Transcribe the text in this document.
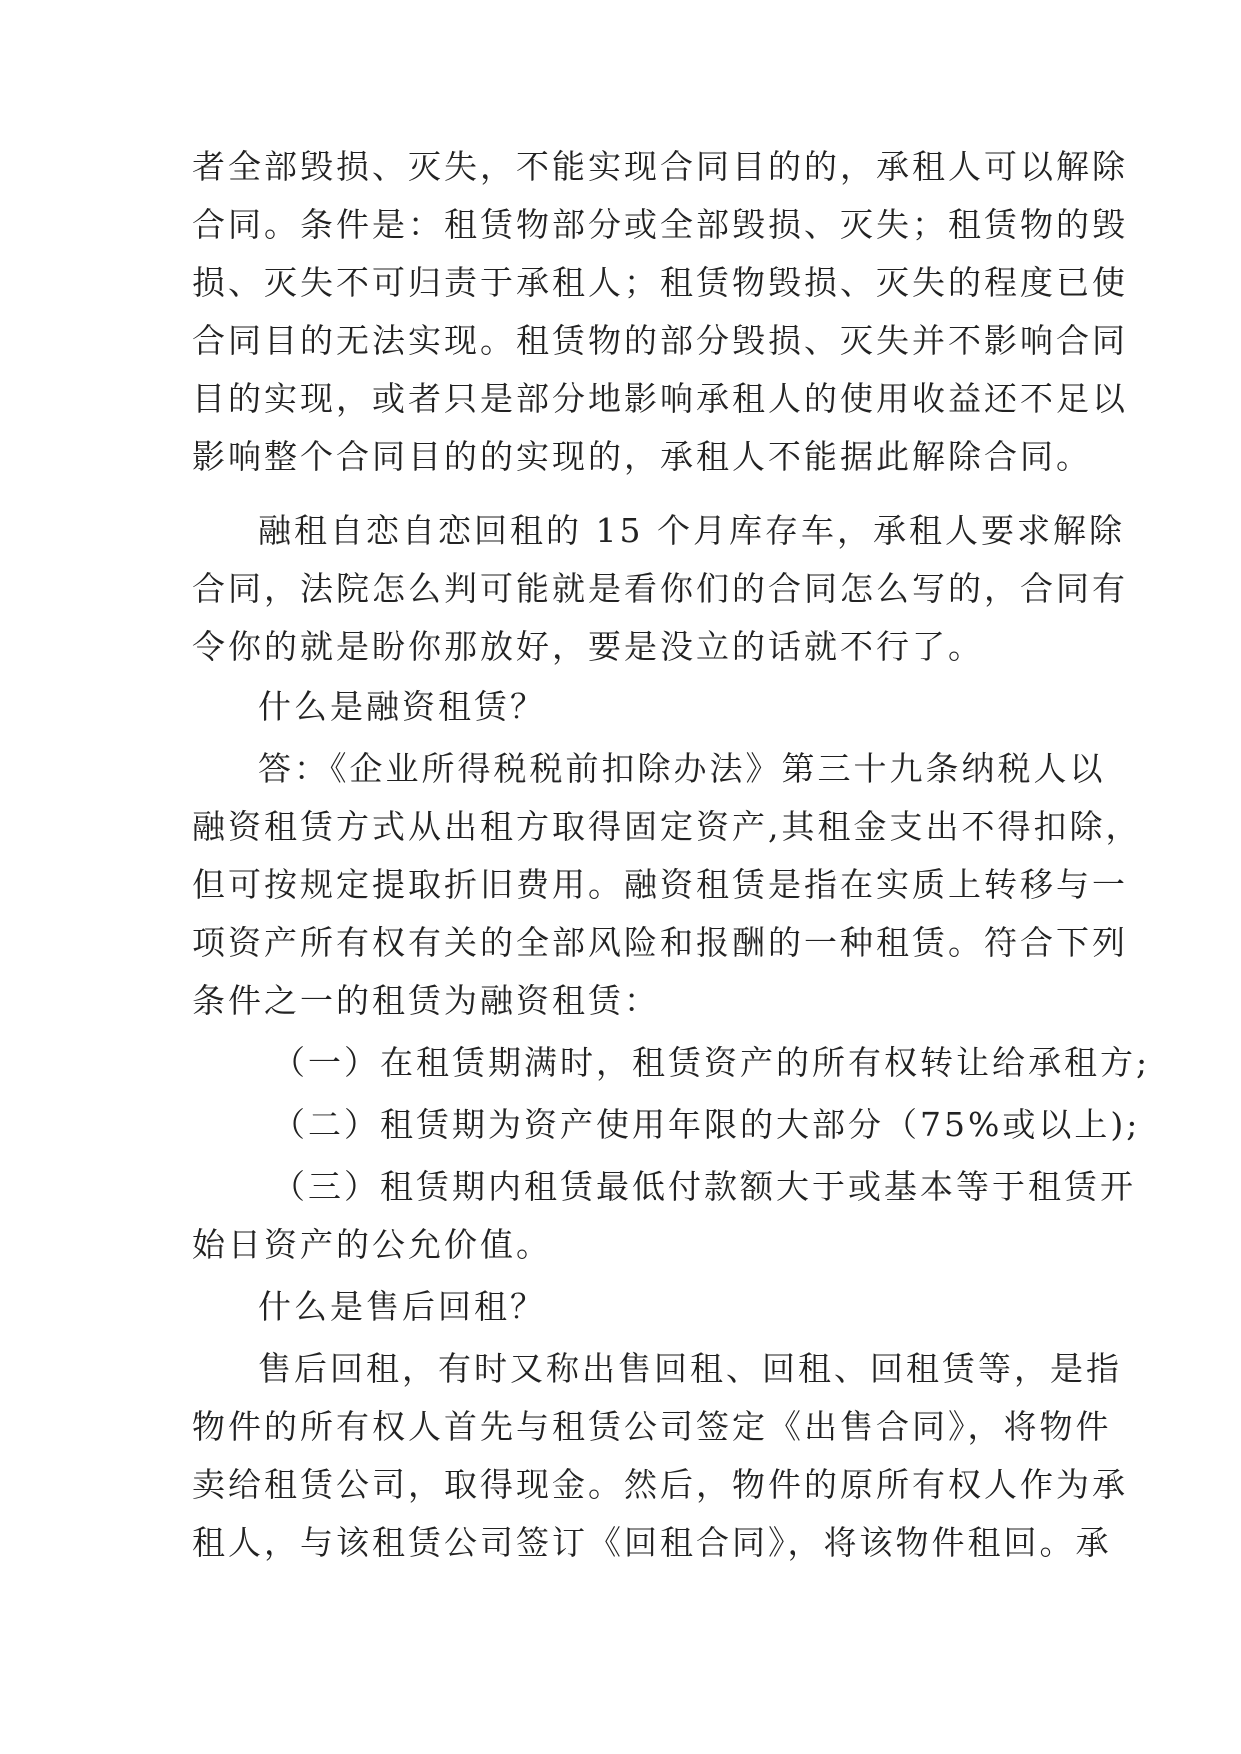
者全部毁损、灭失，不能实现合同目的的，承租人可以解除
合同。条件是：租赁物部分或全部毁损、灭失；租赁物的毁
损、灭失不可归责于承租人；租赁物毁损、灭失的程度已使
合同目的无法实现。租赁物的部分毁损、灭失并不影响合同
目的实现，或者只是部分地影响承租人的使用收益还不足以
影响整个合同目的的实现的，承租人不能据此解除合同。
融租自恋自恋回租的 15 个月库存车，承租人要求解除
合同，法院怎么判可能就是看你们的合同怎么写的，合同有
令你的就是盼你那放好，要是没立的话就不行了。
什么是融资租赁？
答：《企业所得税税前扣除办法》第三十九条纳税人以
融资租赁方式从出租方取得固定资产,其租金支出不得扣除，
但可按规定提取折旧费用。融资租赁是指在实质上转移与一
项资产所有权有关的全部风险和报酬的一种租赁。符合下列
条件之一的租赁为融资租赁：
（一）在租赁期满时，租赁资产的所有权转让给承租方;
（二）租赁期为资产使用年限的大部分（75%或以上);
（三）租赁期内租赁最低付款额大于或基本等于租赁开
始日资产的公允价值。
什么是售后回租？
售后回租，有时又称出售回租、回租、回租赁等，是指
物件的所有权人首先与租赁公司签定《出售合同》，将物件
卖给租赁公司，取得现金。然后，物件的原所有权人作为承
租人，与该租赁公司签订《回租合同》，将该物件租回。承
